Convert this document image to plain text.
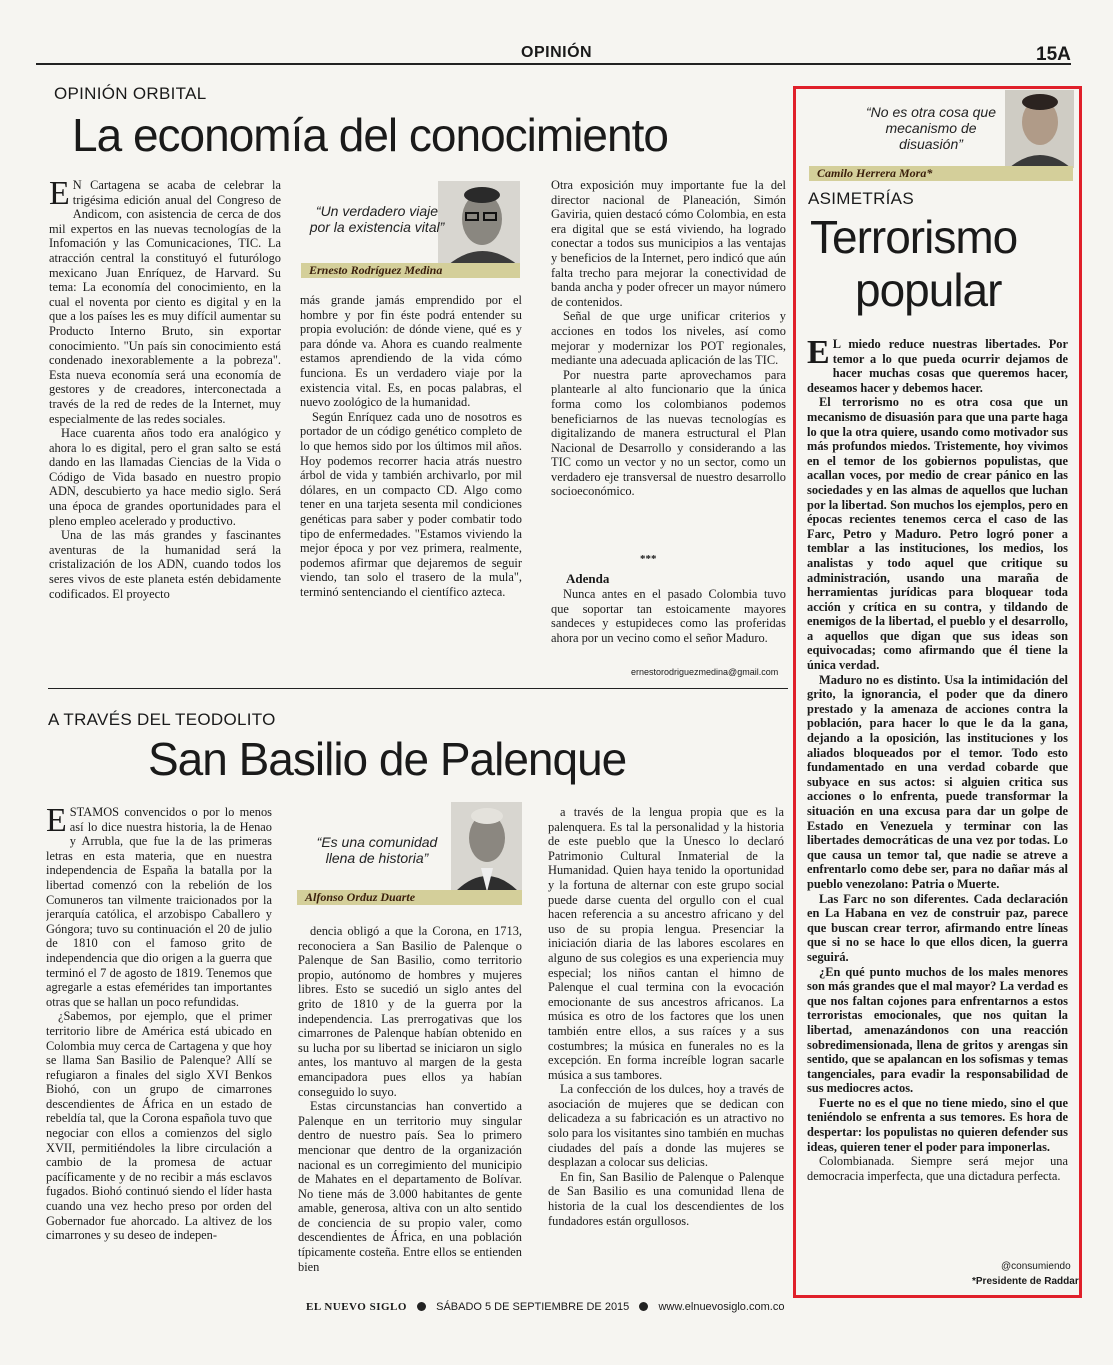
OPINIÓN	15A
OPINIÓN ORBITAL
La economía del conocimiento

E N Cartagena se acaba de celebrar la trigésima edición anual del Congreso de Andicom, con asistencia de cerca de dos mil expertos en las nuevas tecnologías de la Infomación y las Comunicaciones, TIC. La atracción central la constituyó el futurólogo mexicano Juan Enríquez, de Harvard. Su tema: La economía del conocimiento, en la cual el noventa por ciento es digital y en la que a los países les es muy difícil aumentar su Producto Interno Bruto, sin exportar conocimiento. "Un país sin conocimiento está condenado inexorablemente a la pobreza". Esta nueva economía será una economía de gestores y de creadores, interconectada a través de la red de redes de la Internet, muy especialmente de las redes sociales.

Hace cuarenta años todo era analógico y ahora lo es digital, pero el gran salto se está dando en las llamadas Ciencias de la Vida o Código de Vida basado en nuestro propio ADN, descubierto ya hace medio siglo. Será una época de grandes oportunidades para el pleno empleo acelerado y productivo.

Una de las más grandes y fascinantes aventuras de la humanidad será la cristalización de los ADN, cuando todos los seres vivos de este planeta estén debidamente codificados. El proyecto

“Un verdadero viaje por la existencia vital”
Ernesto Rodríguez Medina

más grande jamás emprendido por el hombre y por fin éste podrá entender su propia evolución: de dónde viene, qué es y para dónde va. Ahora es cuando realmente estamos aprendiendo de la vida cómo funciona. Es un verdadero viaje por la existencia vital. Es, en pocas palabras, el nuevo zoológico de la humanidad.

Según Enríquez cada uno de nosotros es portador de un código genético completo de lo que hemos sido por los últimos mil años. Hoy podemos recorrer hacia atrás nuestro árbol de vida y también archivarlo, por mil dólares, en un compacto CD. Algo como tener en una tarjeta sesenta mil condiciones genéticas para saber y poder combatir todo tipo de enfermedades. "Estamos viviendo la mejor época y por vez primera, realmente, podemos afirmar que dejaremos de seguir viendo, tan solo el trasero de la mula", terminó sentenciando el científico azteca.

Otra exposición muy importante fue la del director nacional de Planeación, Simón Gaviria, quien destacó cómo Colombia, en esta era digital que se está viviendo, ha logrado conectar a todos sus municipios a las ventajas y beneficios de la Internet, pero indicó que aún falta trecho para mejorar la conectividad de banda ancha y poder ofrecer un mayor número de contenidos.

Señal de que urge unificar criterios y acciones en todos los niveles, así como mejorar y modernizar los POT regionales, mediante una adecuada aplicación de las TIC.

Por nuestra parte aprovechamos para plantearle al alto funcionario que la única forma como los colombianos podemos beneficiarnos de las nuevas tecnologías es digitalizando de manera estructural el Plan Nacional de Desarrollo y considerando a las TIC como un vector y no un sector, como un verdadero eje transversal de nuestro desarrollo socioeconómico.

***
Adenda

Nunca antes en el pasado Colombia tuvo que soportar tan estoicamente mayores sandeces y estupideces como las proferidas ahora por un vecino como el señor Maduro.

ernestorodriguezmedina@gmail.com
A TRAVÉS DEL TEODOLITO
San Basilio de Palenque

ESTAMOS convencidos o por lo menos así lo dice nuestra historia, la de Henao y Arrubla, que fue la de las primeras letras en esta materia, que en nuestra independencia de España la batalla por la libertad comenzó con la rebelión de los Comuneros tan vilmente traicionados por la jerarquía católica, el arzobispo Caballero y Góngora; tuvo su continuación el 20 de julio de 1810 con el famoso grito de independencia que dio origen a la guerra que terminó el 7 de agosto de 1819. Tenemos que agregarle a estas efemérides tan importantes otras que se hallan un poco refundidas.

¿Sabemos, por ejemplo, que el primer territorio libre de América está ubicado en Colombia muy cerca de Cartagena y que hoy se llama San Basilio de Palenque? Allí se refugiaron a finales del siglo XVI Benkos Biohó, con un grupo de cimarrones descendientes de África en un estado de rebeldía tal, que la Corona española tuvo que negociar con ellos a comienzos del siglo XVII, permitiéndoles la libre circulación a cambio de la promesa de actuar pacíficamente y de no recibir a más esclavos fugados. Biohó continuó siendo el líder hasta cuando una vez hecho preso por orden del Gobernador fue ahorcado. La altivez de los cimarrones y su deseo de indepen-

“Es una comunidad llena de historia”
Alfonso Orduz Duarte

dencia obligó a que la Corona, en 1713, reconociera a San Basilio de Palenque o Palenque de San Basilio, como territorio propio, autónomo de hombres y mujeres libres. Esto se sucedió un siglo antes del grito de 1810 y de la guerra por la independencia. Las prerrogativas que los cimarrones de Palenque habían obtenido en su lucha por su libertad se iniciaron un siglo antes, los mantuvo al margen de la gesta emancipadora pues ellos ya habían conseguido lo suyo.

Estas circunstancias han convertido a Palenque en un territorio muy singular dentro de nuestro país. Sea lo primero mencionar que dentro de la organización nacional es un corregimiento del municipio de Mahates en el departamento de Bolívar. No tiene más de 3.000 habitantes de gente amable, generosa, altiva con un alto sentido de conciencia de su propio valer, como descendientes de África, en una población típicamente costeña. Entre ellos se entienden bien

a través de la lengua propia que es la palenquera. Es tal la personalidad y la historia de este pueblo que la Unesco lo declaró Patrimonio Cultural Inmaterial de la Humanidad. Quien haya tenido la oportunidad y la fortuna de alternar con este grupo social puede darse cuenta del orgullo con el cual hacen referencia a su ancestro africano y del uso de su propia lengua. Presenciar la iniciación diaria de las labores escolares en alguno de sus colegios es una experiencia muy especial; los niños cantan el himno de Palenque el cual termina con la evocación emocionante de sus ancestros africanos. La música es otro de los factores que los unen también entre ellos, a sus raíces y a sus costumbres; la música en funerales no es la excepción. En forma increíble logran sacarle música a sus tambores.

La confección de los dulces, hoy a través de asociación de mujeres que se dedican con delicadeza a su fabricación es un atractivo no solo para los visitantes sino también en muchas ciudades del país a donde las mujeres se desplazan a colocar sus delicias.

En fin, San Basilio de Palenque o Palenque de San Basilio es una comunidad llena de historia de la cual los descendientes de los fundadores están orgullosos.

“No es otra cosa que mecanismo de disuasión”
Camilo Herrera Mora*
ASIMETRÍAS
Terrorismo
popular

E L miedo reduce nuestras libertades. Por temor a lo que pueda ocurrir dejamos de hacer muchas cosas que queremos hacer, deseamos hacer y debemos hacer.

El terrorismo no es otra cosa que un mecanismo de disuasión para que una parte haga lo que la otra quiere, usando como motivador sus más profundos miedos. Tristemente, hoy vivimos en el temor de los gobiernos populistas, que acallan voces, por medio de crear pánico en las sociedades y en las almas de aquellos que luchan por la libertad. Son muchos los ejemplos, pero en épocas recientes tenemos cerca el caso de las Farc, Petro y Maduro. Petro logró poner a temblar a las instituciones, los medios, los analistas y todo aquel que critique su administración, usando una maraña de herramientas jurídicas para bloquear toda acción y crítica en su contra, y tildando de enemigos de la libertad, el pueblo y el desarrollo, a aquellos que digan que sus ideas son equivocadas; como afirmando que él tiene la única verdad.

Maduro no es distinto. Usa la intimidación del grito, la ignorancia, el poder que da dinero prestado y la amenaza de acciones contra la población, para hacer lo que le da la gana, dejando a la oposición, las instituciones y los aliados bloqueados por el temor. Todo esto fundamentado en una verdad cobarde que subyace en sus actos: si alguien critica sus acciones o lo enfrenta, puede transformar la situación en una excusa para dar un golpe de Estado en Venezuela y terminar con las libertades democráticas de una vez por todas. Lo que causa un temor tal, que nadie se atreve a enfrentarlo como debe ser, para no dañar más al pueblo venezolano: Patria o Muerte.

Las Farc no son diferentes. Cada declaración en La Habana en vez de construir paz, parece que buscan crear terror, afirmando entre líneas que si no se hace lo que ellos dicen, la guerra seguirá.

¿En qué punto muchos de los males menores son más grandes que el mal mayor? La verdad es que nos faltan cojones para enfrentarnos a estos terroristas emocionales, que nos quitan la libertad, amenazándonos con una reacción sobredimensionada, llena de gritos y arengas sin sentido, que se apalancan en los sofismas y temas tangenciales, para evadir la responsabilidad de sus mediocres actos.

Fuerte no es el que no tiene miedo, sino el que teniéndolo se enfrenta a sus temores. Es hora de despertar: los populistas no quieren defender sus ideas, quieren tener el poder para imponerlas.

Colombianada. Siempre será mejor una democracia imperfecta, que una dictadura perfecta.

@consumiendo
*Presidente de Raddar
EL NUEVO SIGLO	SÁBADO 5 DE SEPTIEMBRE DE 2015	www.elnuevosiglo.com.co
